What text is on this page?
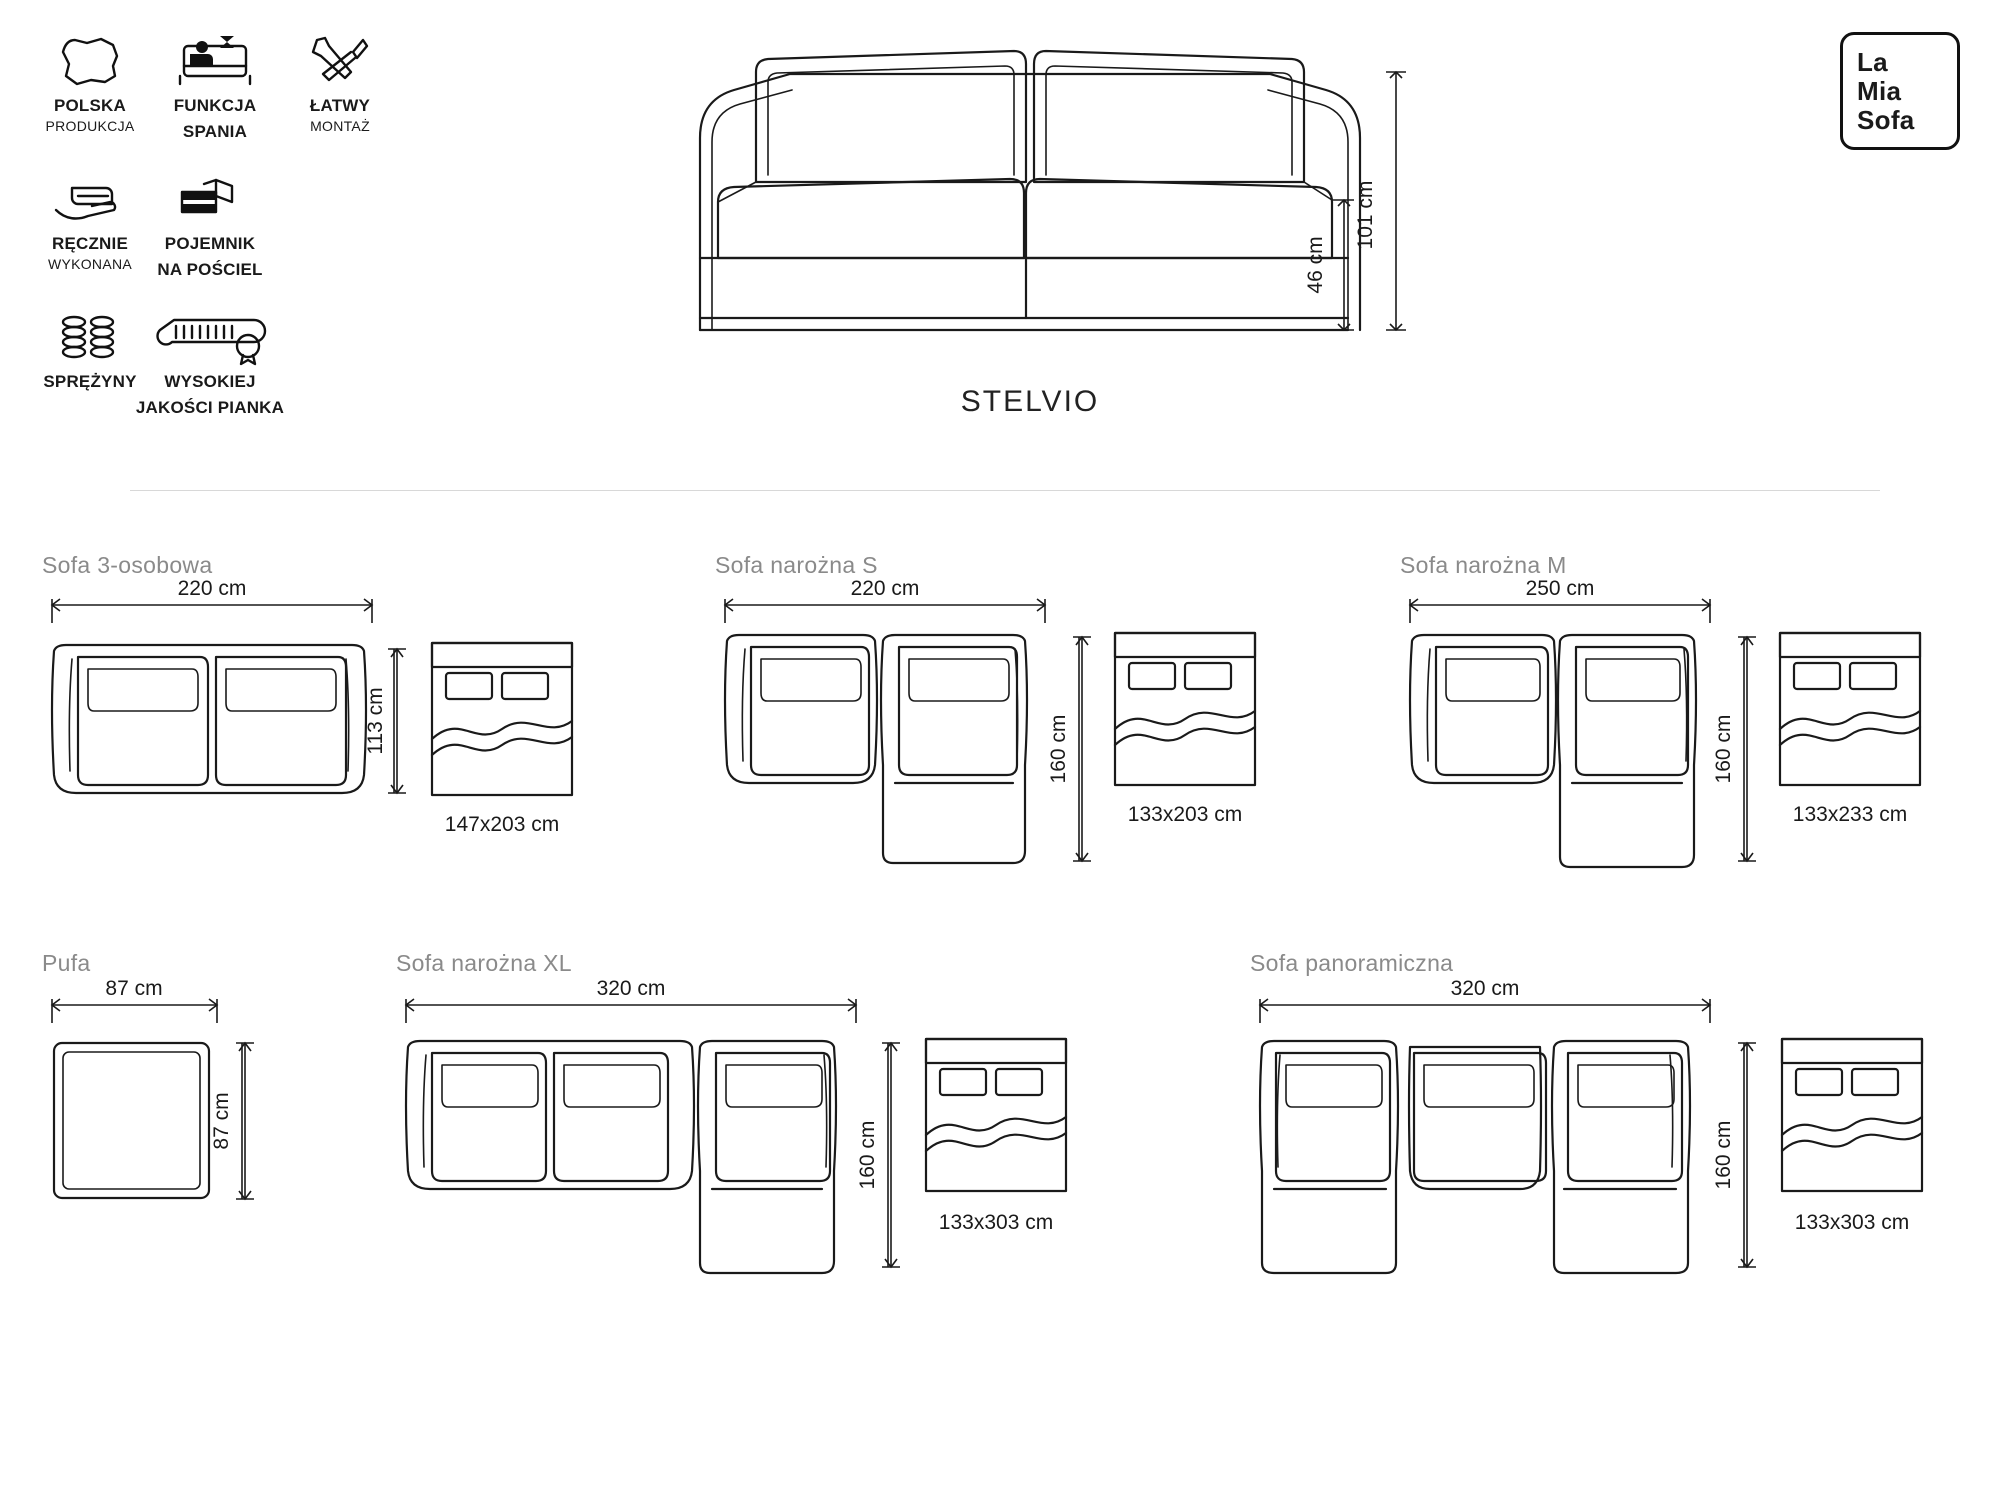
POLSKA
PRODUKCJA
FUNKCJA
SPANIA
ŁATWY
MONTAŻ
RĘCZNIE
WYKONANA
POJEMNIK
NA POŚCIEL
SPRĘŻYNY WYSOKIEJ
JAKOŚCI PIANKA
La
Mia
Sofa
101 cm
46 cm
STELVIO
Sofa 3-osobowa
220 cm
113 cm
147x203 cm
Sofa narożna S
220 cm
160 cm
133x203 cm
Sofa narożna M
250 cm
160 cm
133x233 cm
Pufa
87 cm
87 cm
Sofa narożna XL
320 cm
160 cm
133x303 cm
Sofa panoramiczna
320 cm
160 cm
133x303 cm
